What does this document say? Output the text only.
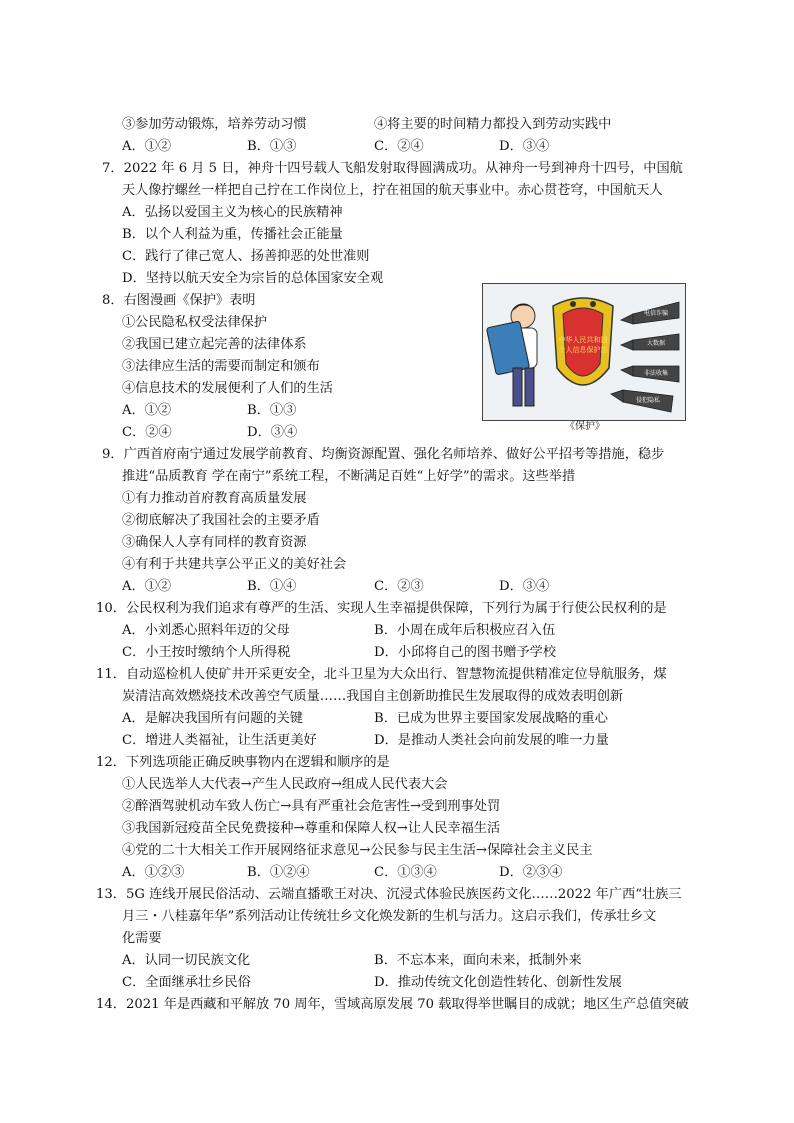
③参加劳动锻炼，培养劳动习惯	④将主要的时间精力都投入到劳动实践中
A．①②	B．①③	C．②④	D．③④
7．2022 年 6 月 5 日，神舟十四号载人飞船发射取得圆满成功。从神舟一号到神舟十四号，中国航
天人像拧螺丝一样把自己拧在工作岗位上，拧在祖国的航天事业中。赤心贯苍穹，中国航天人
A．弘扬以爱国主义为核心的民族精神
B．以个人利益为重，传播社会正能量
C．践行了律己宽人、扬善抑恶的处世准则
D．坚持以航天安全为宗旨的总体国家安全观
8．右图漫画《保护》表明
①公民隐私权受法律保护
②我国已建立起完善的法律体系
③法律应生活的需要而制定和颁布
④信息技术的发展便利了人们的生活
A．①②	B．①③
C．②④	D．③④
中华人民共和国
个人信息保护法
电信诈骗
大数据
非法收集
侵犯隐私
《保护》
9．广西首府南宁通过发展学前教育、均衡资源配置、强化名师培养、做好公平招考等措施，稳步
推进“品质教育 学在南宁”系统工程，不断满足百姓“上好学”的需求。这些举措
①有力推动首府教育高质量发展
②彻底解决了我国社会的主要矛盾
③确保人人享有同样的教育资源
④有利于共建共享公平正义的美好社会
A．①②	B．①④	C．②③	D．③④
10．公民权利为我们追求有尊严的生活、实现人生幸福提供保障，下列行为属于行使公民权利的是
A．小刘悉心照料年迈的父母	B．小周在成年后积极应召入伍
C．小王按时缴纳个人所得税	D．小邱将自己的图书赠予学校
11．自动巡检机人使矿井开采更安全，北斗卫星为大众出行、智慧物流提供精准定位导航服务，煤
炭清洁高效燃烧技术改善空气质量……我国自主创新助推民生发展取得的成效表明创新
A．是解决我国所有问题的关键	B．已成为世界主要国家发展战略的重心
C．增进人类福祉，让生活更美好	D．是推动人类社会向前发展的唯一力量
12．下列选项能正确反映事物内在逻辑和顺序的是
①人民选举人大代表→产生人民政府→组成人民代表大会
②醉酒驾驶机动车致人伤亡→具有严重社会危害性→受到刑事处罚
③我国新冠疫苗全民免费接种→尊重和保障人权→让人民幸福生活
④党的二十大相关工作开展网络征求意见→公民参与民主生活→保障社会主义民主
A．①②③	B．①②④	C．①③④	D．②③④
13．5G 连线开展民俗活动、云端直播歌王对决、沉浸式体验民族医药文化……2022 年广西“壮族三
月三・八桂嘉年华”系列活动让传统壮乡文化焕发新的生机与活力。这启示我们，传承壮乡文
化需要
A．认同一切民族文化	B．不忘本来，面向未来，抵制外来
C．全面继承壮乡民俗	D．推动传统文化创造性转化、创新性发展
14．2021 年是西藏和平解放 70 周年，雪域高原发展 70 载取得举世瞩目的成就；地区生产总值突破
